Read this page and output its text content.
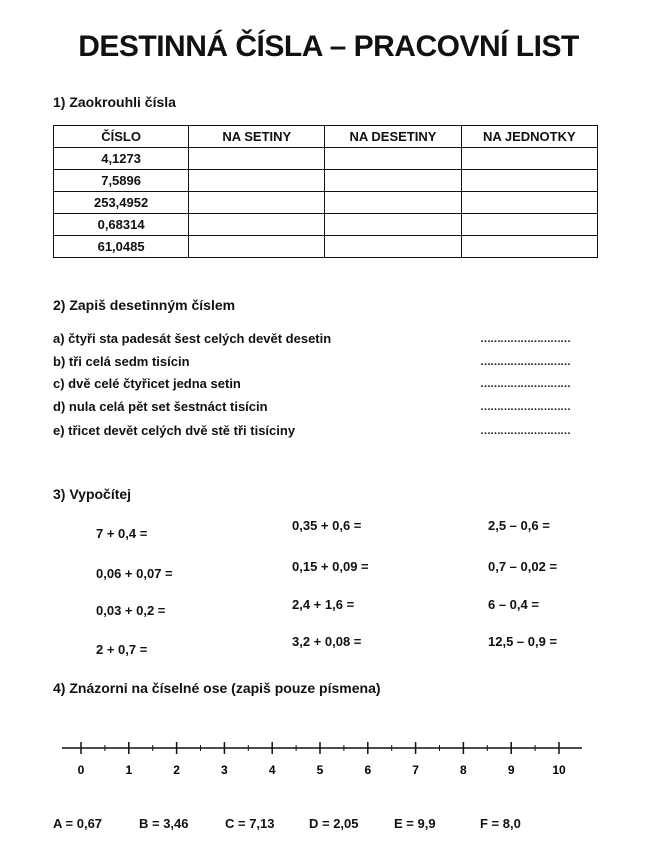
DESTINNÁ ČÍSLA – PRACOVNÍ LIST
1) Zaokrouhli čísla
ČÍSLO	NA SETINY	NA DESETINY	NA JEDNOTKY
4,1273			
7,5896			
253,4952			
0,68314			
61,0485			
2) Zapiš desetinným číslem
a) čtyři sta padesát šest celých devět desetin	………………………
b) tři celá sedm tisícin	………………………
c) dvě celé čtyřicet jedna setin	………………………
d) nula celá pět set šestnáct tisícin	………………………
e) třicet devět celých dvě stě tři tisíciny	………………………
3) Vypočítej
7 + 0,4 =
0,06 + 0,07 =
0,03 + 0,2 =
2 + 0,7 =
0,35 + 0,6 =
0,15 + 0,09 =
2,4 + 1,6 =
3,2 + 0,08 =
2,5 – 0,6 =
0,7 – 0,02 =
6 – 0,4 =
12,5 – 0,9 =
4) Znázorni na číselné ose (zapiš pouze písmena)
0	1	2	3	4	5	6	7	8	9	10
A = 0,67	B = 3,46	C = 7,13	D = 2,05	E = 9,9	F = 8,0
